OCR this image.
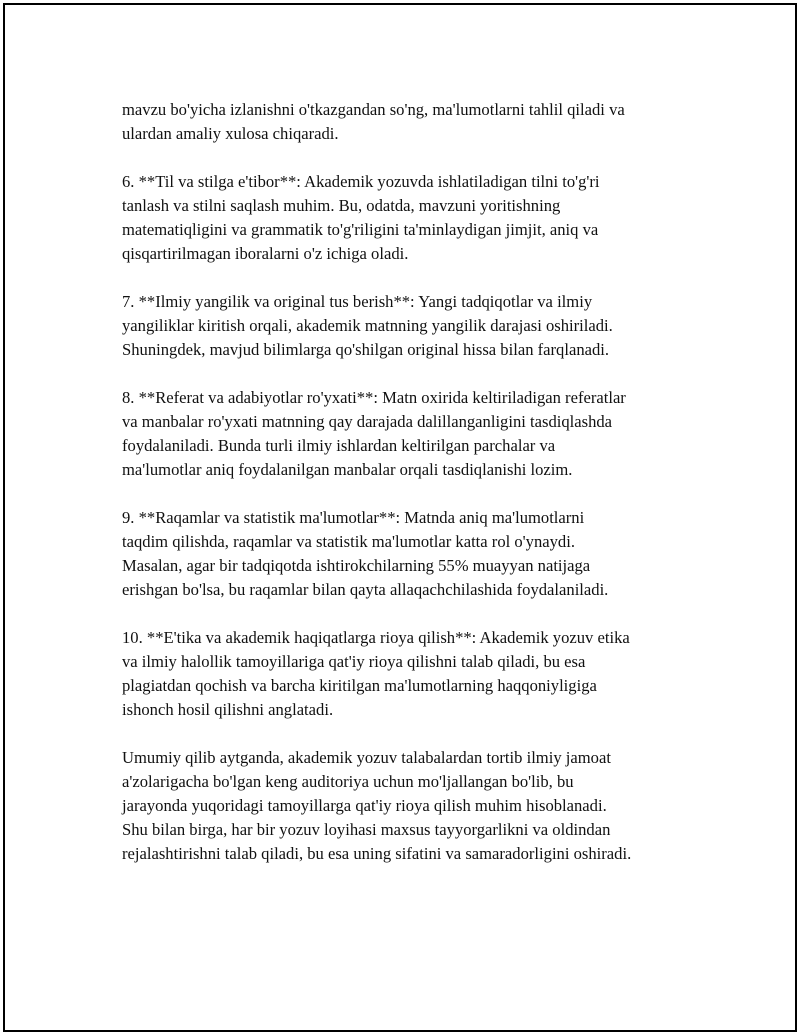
mavzu bo'yicha izlanishni o'tkazgandan so'ng, ma'lumotlarni tahlil qiladi va
ulardan amaliy xulosa chiqaradi.

6. **Til va stilga e'tibor**: Akademik yozuvda ishlatiladigan tilni to'g'ri
tanlash va stilni saqlash muhim. Bu, odatda, mavzuni yoritishning
matematiqligini va grammatik to'g'riligini ta'minlaydigan jimjit, aniq va
qisqartirilmagan iboralarni o'z ichiga oladi.

7. **Ilmiy yangilik va original tus berish**: Yangi tadqiqotlar va ilmiy
yangiliklar kiritish orqali, akademik matnning yangilik darajasi oshiriladi.
Shuningdek, mavjud bilimlarga qo'shilgan original hissa bilan farqlanadi.

8. **Referat va adabiyotlar ro'yxati**: Matn oxirida keltiriladigan referatlar
va manbalar ro'yxati matnning qay darajada dalillanganligini tasdiqlashda
foydalaniladi. Bunda turli ilmiy ishlardan keltirilgan parchalar va
ma'lumotlar aniq foydalanilgan manbalar orqali tasdiqlanishi lozim.

9. **Raqamlar va statistik ma'lumotlar**: Matnda aniq ma'lumotlarni
taqdim qilishda, raqamlar va statistik ma'lumotlar katta rol o'ynaydi.
Masalan, agar bir tadqiqotda ishtirokchilarning 55% muayyan natijaga
erishgan bo'lsa, bu raqamlar bilan qayta allaqachchilashida foydalaniladi.

10. **E'tika va akademik haqiqatlarga rioya qilish**: Akademik yozuv etika
va ilmiy halollik tamoyillariga qat'iy rioya qilishni talab qiladi, bu esa
plagiatdan qochish va barcha kiritilgan ma'lumotlarning haqqoniyligiga
ishonch hosil qilishni anglatadi.

Umumiy qilib aytganda, akademik yozuv talabalardan tortib ilmiy jamoat
a'zolarigacha bo'lgan keng auditoriya uchun mo'ljallangan bo'lib, bu
jarayonda yuqoridagi tamoyillarga qat'iy rioya qilish muhim hisoblanadi.
Shu bilan birga, har bir yozuv loyihasi maxsus tayyorgarlikni va oldindan
rejalashtirishni talab qiladi, bu esa uning sifatini va samaradorligini oshiradi.
